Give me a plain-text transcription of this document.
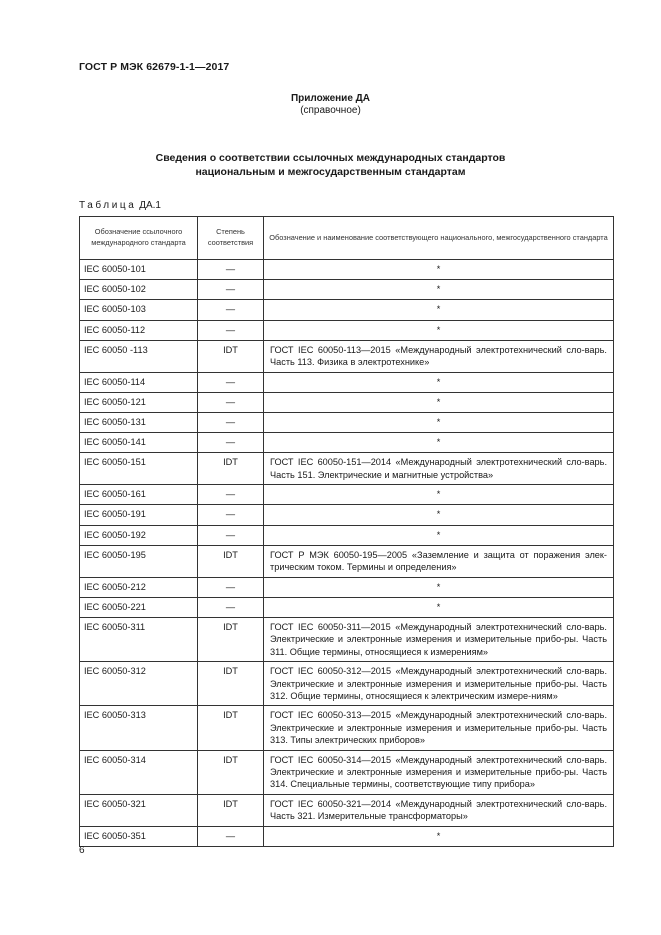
ГОСТ Р МЭК 62679-1-1—2017
Приложение ДА
(справочное)
Сведения о соответствии ссылочных международных стандартов
национальным и межгосударственным стандартам
Таблица ДА.1
Обозначение ссылочного международного стандарта	Степень соответствия	Обозначение и наименование соответствующего национального, межгосударственного стандарта
IEC 60050-101	—	*
IEC 60050-102	—	*
IEC 60050-103	—	*
IEC 60050-112	—	*
IEC 60050 -113	IDT	ГОСТ IEC 60050-113—2015 «Международный электротехнический сло-варь. Часть 113. Физика в электротехнике»
IEC 60050-114	—	*
IEC 60050-121	—	*
IEC 60050-131	—	*
IEC 60050-141	—	*
IEC 60050-151	IDT	ГОСТ IEC 60050-151—2014 «Международный электротехнический сло-варь. Часть 151. Электрические и магнитные устройства»
IEC 60050-161	—	*
IEC 60050-191	—	*
IEC 60050-192	—	*
IEC 60050-195	IDT	ГОСТ Р МЭК 60050-195—2005 «Заземление и защита от поражения элек-трическим током. Термины и определения»
IEC 60050-212	—	*
IEC 60050-221	—	*
IEC 60050-311	IDT	ГОСТ IEC 60050-311—2015 «Международный электротехнический сло-варь. Электрические и электронные измерения и измерительные прибо-ры. Часть 311. Общие термины, относящиеся к измерениям»
IEC 60050-312	IDT	ГОСТ IEC 60050-312—2015 «Международный электротехнический сло-варь. Электрические и электронные измерения и измерительные прибо-ры. Часть 312. Общие термины, относящиеся к электрическим измере-ниям»
IEC 60050-313	IDT	ГОСТ IEC 60050-313—2015 «Международный электротехнический сло-варь. Электрические и электронные измерения и измерительные прибо-ры. Часть 313. Типы электрических приборов»
IEC 60050-314	IDT	ГОСТ IEC 60050-314—2015 «Международный электротехнический сло-варь. Электрические и электронные измерения и измерительные прибо-ры. Часть 314. Специальные термины, соответствующие типу прибора»
IEC 60050-321	IDT	ГОСТ IEC 60050-321—2014 «Международный электротехнический сло-варь. Часть 321. Измерительные трансформаторы»
IEC 60050-351	—	*
6
